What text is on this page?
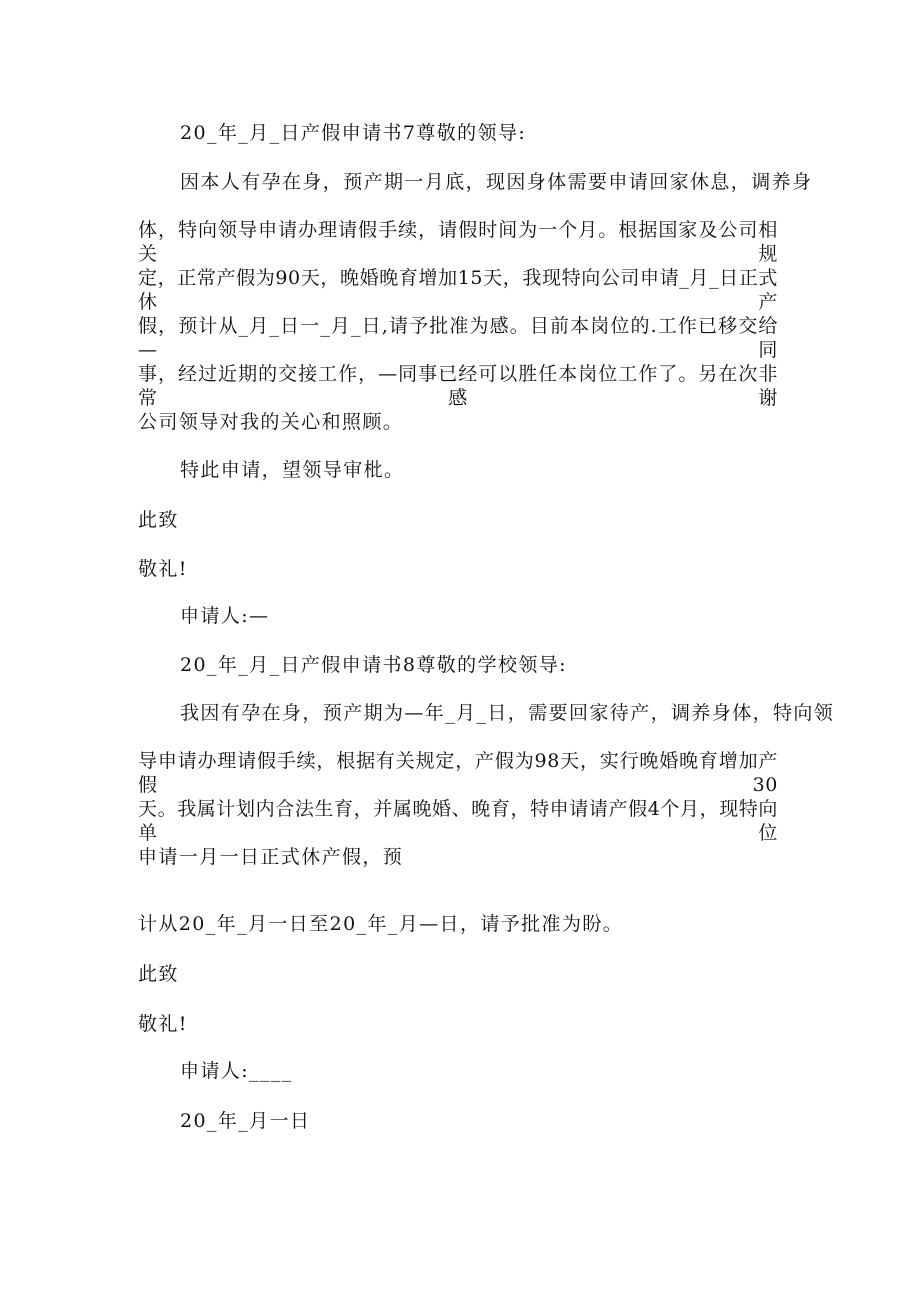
20_年_月_日产假申请书7尊敬的领导:
因本人有孕在身，预产期一月底，现因身体需要申请回家休息，调养身
体，特向领导申请办理请假手续，请假时间为一个月。根据国家及公司相关规
定，正常产假为90天，晚婚晚育增加15天，我现特向公司申请_月_日正式休产
假，预计从_月_日一_月_日,请予批准为感。目前本岗位的.工作已移交给—同
事，经过近期的交接工作，—同事已经可以胜任本岗位工作了。另在次非常感谢
公司领导对我的关心和照顾。
特此申请，望领导审枇。
此致
敬礼!
申请人:—
20_年_月_日产假申请书8尊敬的学校领导:
我因有孕在身，预产期为—年_月_日，需要回家待产，调养身体，特向领
导申请办理请假手续，根据有关规定，产假为98天，实行晚婚晚育增加产假30
天。我属计划内合法生育，并属晚婚、晚育，特申请请产假4个月，现特向单位
申请一月一日正式休产假，预
计从20_年_月一日至20_年_月—日，请予批准为盼。
此致
敬礼!
申请人:____
20_年_月一日
